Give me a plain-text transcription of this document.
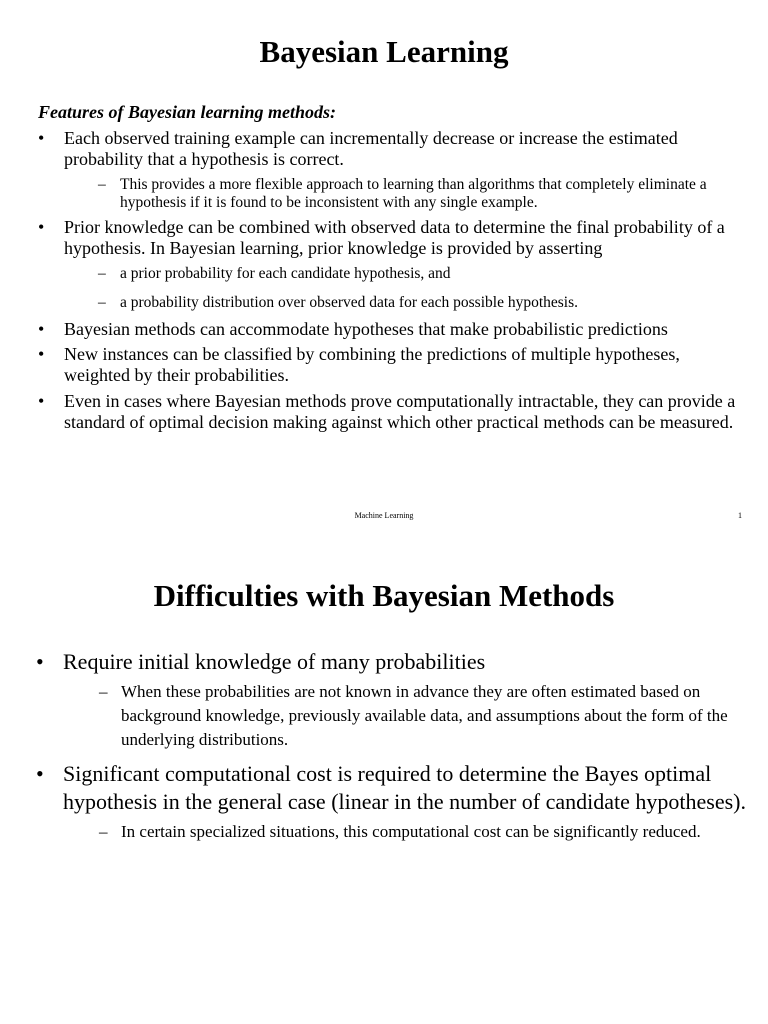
Bayesian Learning
Features of Bayesian learning methods:
• Each observed training example can incrementally decrease or increase the estimated probability that a hypothesis is correct.
– This provides a more flexible approach to learning than algorithms that completely eliminate a hypothesis if it is found to be inconsistent with any single example.
• Prior knowledge can be combined with observed data to determine the final probability of a hypothesis. In Bayesian learning, prior knowledge is provided by asserting
– a prior probability for each candidate hypothesis, and
– a probability distribution over observed data for each possible hypothesis.
• Bayesian methods can accommodate hypotheses that make probabilistic predictions
• New instances can be classified by combining the predictions of multiple hypotheses, weighted by their probabilities.
• Even in cases where Bayesian methods prove computationally intractable, they can provide a standard of optimal decision making against which other practical methods can be measured.
Machine Learning	1
Difficulties with Bayesian Methods
• Require initial knowledge of many probabilities
– When these probabilities are not known in advance they are often estimated based on background knowledge, previously available data, and assumptions about the form of the underlying distributions.
• Significant computational cost is required to determine the Bayes optimal hypothesis in the general case (linear in the number of candidate hypotheses).
– In certain specialized situations, this computational cost can be significantly reduced.
